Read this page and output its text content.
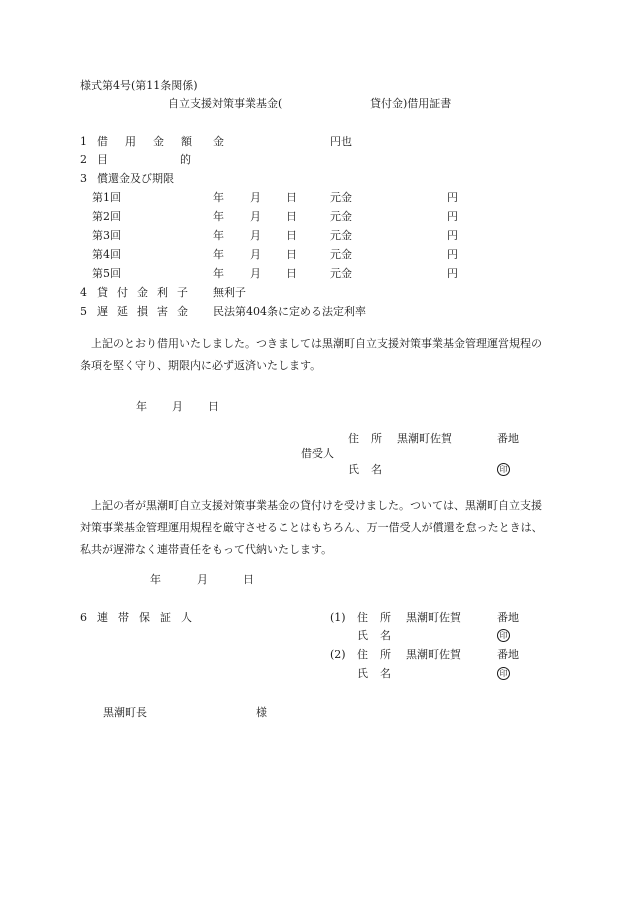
様式第4号(第11条関係)
自立支援対策事業基金(	貸付金)借用証書
1 借 用 金 額 金	円也
2 目	的
3 償還金及び期限
第1回	年 月 日	元金	円
第2回	年 月 日	元金	円
第3回	年 月 日	元金	円
第4回	年 月 日	元金	円
第5回	年 月 日	元金	円
4 貸 付 金 利 子 無利子
5 遅 延 損 害 金 民法第404条に定める法定利率

上記のとおり借用いたしました。つきましては黒潮町自立支援対策事業基金管理運営規程の条項を堅く守り、期限内に必ず返済いたします。

年 月 日
住 所 黒潮町佐賀	番地
借受人
氏 名	印

上記の者が黒潮町自立支援対策事業基金の貸付けを受けました。ついては、黒潮町自立支援対策事業基金管理運用規程を厳守させることはもちろん、万一借受人が償還を怠ったときは、私共が遅滞なく連帯責任をもって代納いたします。

年	月	日
6 連 帯 保 証 人	(1) 住 所 黒潮町佐賀	番地
氏 名	印
(2) 住 所 黒潮町佐賀	番地
氏 名	印
黒潮町長	様
